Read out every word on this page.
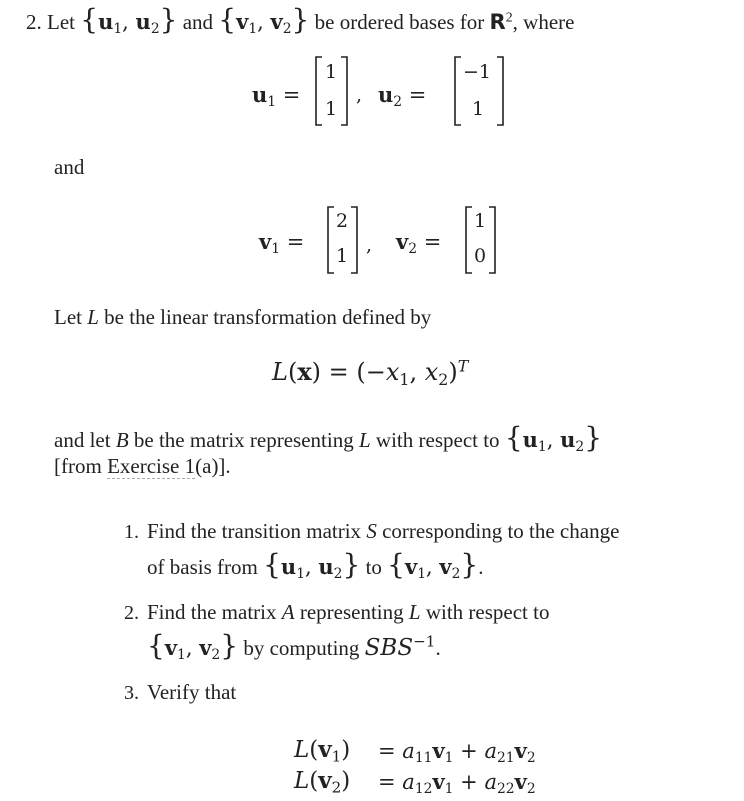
2. Let {$u_1$, $u_2$} and {$v_1$, $v_2$} be ordered bases for $R^2$, where
$u_1$ =
1
1
, $u_2$ =
−1
1
and
$v_1$ =
2
1 , $v_2$ =
1
0
Let L be the linear transformation defined by
$L(x) = (-x_1$, $x_2)^T$
and let B be the matrix representing L with respect to {$u_1$, $u_2$}
[from Exercise 1(a)].
1. Find the transition matrix S corresponding to the change
of basis from {$u_1$, $u_2$} to {$v_1$, $v_2$}.
2. Find the matrix A representing L with respect to
{$v_1$, $v_2$} by computing $SBS^{-1}$.
3. Verify that
$L(v_1) = a_{11}v_1 + a_{21}v_2$
$L(v_2) = a_{12}v_1 + a_{22}v_2$
